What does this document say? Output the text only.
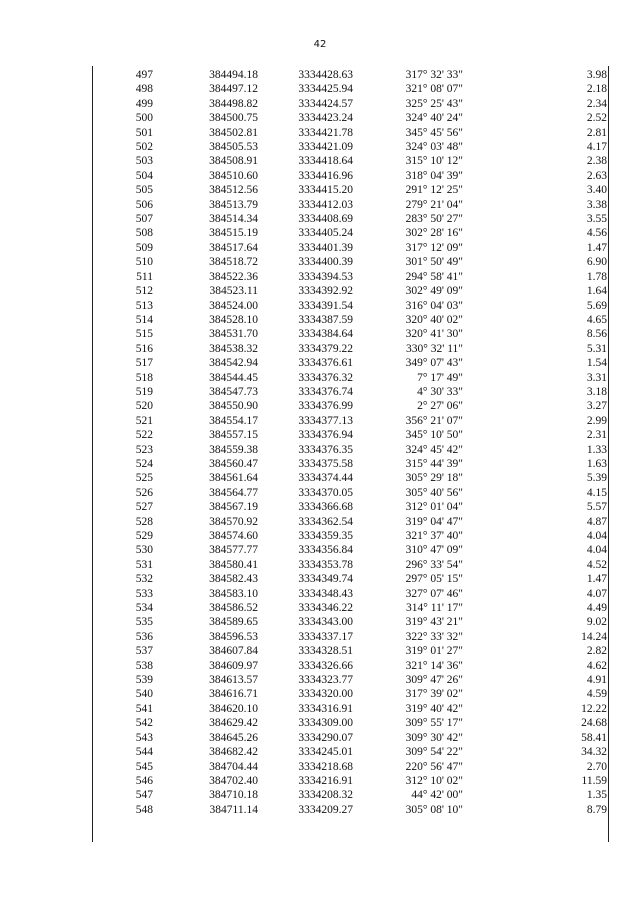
42
497	384494.18	3334428.63	317° 32' 33"	3.98
498	384497.12	3334425.94	321° 08' 07"	2.18
499	384498.82	3334424.57	325° 25' 43"	2.34
500	384500.75	3334423.24	324° 40' 24"	2.52
501	384502.81	3334421.78	345° 45' 56"	2.81
502	384505.53	3334421.09	324° 03' 48"	4.17
503	384508.91	3334418.64	315° 10' 12"	2.38
504	384510.60	3334416.96	318° 04' 39"	2.63
505	384512.56	3334415.20	291° 12' 25"	3.40
506	384513.79	3334412.03	279° 21' 04"	3.38
507	384514.34	3334408.69	283° 50' 27"	3.55
508	384515.19	3334405.24	302° 28' 16"	4.56
509	384517.64	3334401.39	317° 12' 09"	1.47
510	384518.72	3334400.39	301° 50' 49"	6.90
511	384522.36	3334394.53	294° 58' 41"	1.78
512	384523.11	3334392.92	302° 49' 09"	1.64
513	384524.00	3334391.54	316° 04' 03"	5.69
514	384528.10	3334387.59	320° 40' 02"	4.65
515	384531.70	3334384.64	320° 41' 30"	8.56
516	384538.32	3334379.22	330° 32' 11"	5.31
517	384542.94	3334376.61	349° 07' 43"	1.54
518	384544.45	3334376.32	7° 17' 49"	3.31
519	384547.73	3334376.74	4° 30' 33"	3.18
520	384550.90	3334376.99	2° 27' 06"	3.27
521	384554.17	3334377.13	356° 21' 07"	2.99
522	384557.15	3334376.94	345° 10' 50"	2.31
523	384559.38	3334376.35	324° 45' 42"	1.33
524	384560.47	3334375.58	315° 44' 39"	1.63
525	384561.64	3334374.44	305° 29' 18"	5.39
526	384564.77	3334370.05	305° 40' 56"	4.15
527	384567.19	3334366.68	312° 01' 04"	5.57
528	384570.92	3334362.54	319° 04' 47"	4.87
529	384574.60	3334359.35	321° 37' 40"	4.04
530	384577.77	3334356.84	310° 47' 09"	4.04
531	384580.41	3334353.78	296° 33' 54"	4.52
532	384582.43	3334349.74	297° 05' 15"	1.47
533	384583.10	3334348.43	327° 07' 46"	4.07
534	384586.52	3334346.22	314° 11' 17"	4.49
535	384589.65	3334343.00	319° 43' 21"	9.02
536	384596.53	3334337.17	322° 33' 32"	14.24
537	384607.84	3334328.51	319° 01' 27"	2.82
538	384609.97	3334326.66	321° 14' 36"	4.62
539	384613.57	3334323.77	309° 47' 26"	4.91
540	384616.71	3334320.00	317° 39' 02"	4.59
541	384620.10	3334316.91	319° 40' 42"	12.22
542	384629.42	3334309.00	309° 55' 17"	24.68
543	384645.26	3334290.07	309° 30' 42"	58.41
544	384682.42	3334245.01	309° 54' 22"	34.32
545	384704.44	3334218.68	220° 56' 47"	2.70
546	384702.40	3334216.91	312° 10' 02"	11.59
547	384710.18	3334208.32	44° 42' 00"	1.35
548	384711.14	3334209.27	305° 08' 10"	8.79
